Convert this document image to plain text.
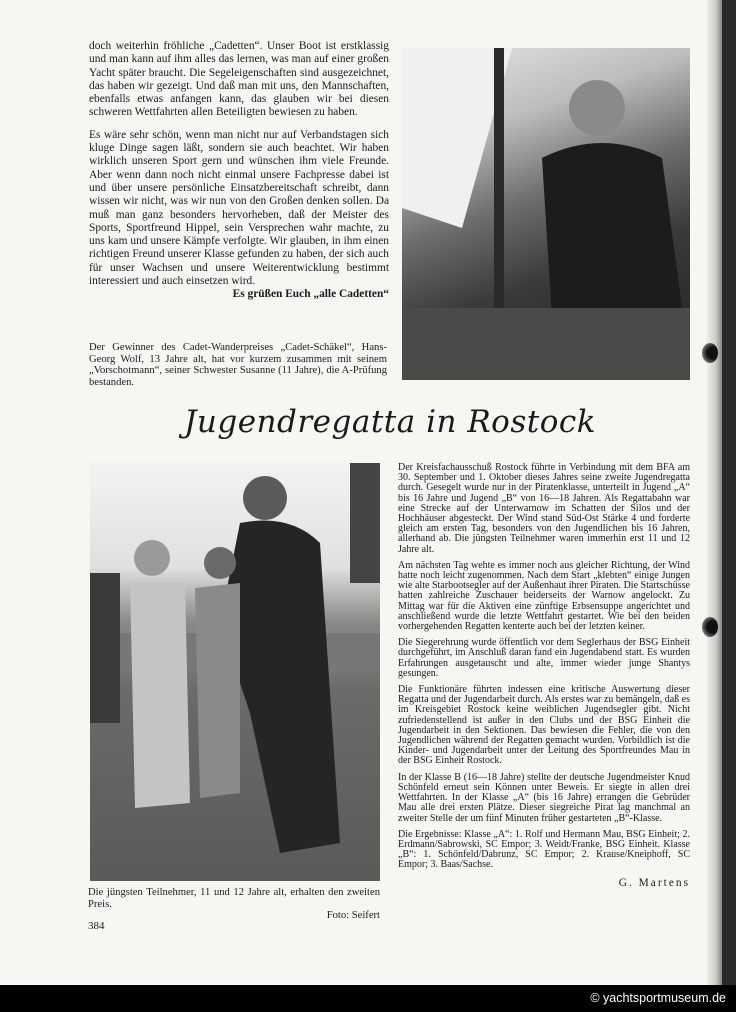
doch weiterhin fröhliche „Cadetten“. Unser Boot ist erstklassig und man kann auf ihm alles das lernen, was man auf einer großen Yacht später braucht. Die Segeleigenschaften sind ausgezeichnet, das haben wir gezeigt. Und daß man mit uns, den Mannschaften, ebenfalls etwas anfangen kann, das glauben wir bei diesen schweren Wettfahrten allen Beteiligten bewiesen zu haben.

Es wäre sehr schön, wenn man nicht nur auf Verbandstagen sich kluge Dinge sagen läßt, sondern sie auch beachtet. Wir haben wirklich unseren Sport gern und wünschen ihm viele Freunde. Aber wenn dann noch nicht einmal unsere Fachpresse dabei ist und über unsere persönliche Einsatzbereitschaft schreibt, dann wissen wir nicht, was wir nun von den Großen denken sollen. Da muß man ganz besonders hervorheben, daß der Meister des Sports, Sportfreund Hippel, sein Versprechen wahr machte, zu uns kam und unsere Kämpfe verfolgte. Wir glauben, in ihm einen richtigen Freund unserer Klasse gefunden zu haben, der sich auch für unser Wachsen und unsere Weiterentwicklung bestimmt interessiert und auch einsetzen wird.

Es grüßen Euch „alle Cadetten“
Der Gewinner des Cadet-Wanderpreises „Cadet-Schäkel“, Hans-Georg Wolf, 13 Jahre alt, hat vor kurzem zusammen mit seinem „Vorschotmann“, seiner Schwester Susanne (11 Jahre), die A-Prüfung bestanden.
Jugendregatta in Rostock

Der Kreisfachausschuß Rostock führte in Verbindung mit dem BFA am 30. September und 1. Oktober dieses Jahres seine zweite Jugendregatta durch. Gesegelt wurde nur in der Piratenklasse, unterteilt in Jugend „A“ bis 16 Jahre und Jugend „B“ von 16—18 Jahren. Als Regattabahn war eine Strecke auf der Unterwarnow im Schatten der Silos und der Hochhäuser abgesteckt. Der Wind stand Süd-Ost Stärke 4 und forderte gleich am ersten Tag, besonders von den Jugendlichen bis 16 Jahren, allerhand ab. Die jüngsten Teilnehmer waren immerhin erst 11 und 12 Jahre alt.

Am nächsten Tag wehte es immer noch aus gleicher Richtung, der Wind hatte noch leicht zugenommen. Nach dem Start „klebten“ einige Jungen wie alte Starbootsegler auf der Außenhaut ihrer Piraten. Die Startschüsse hatten zahlreiche Zuschauer beiderseits der Warnow angelockt. Zu Mittag war für die Aktiven eine zünftige Erbsensuppe angerichtet und anschließend wurde die letzte Wettfahrt gestartet. Wie bei den beiden vorhergehenden Regatten kenterte auch bei der letzten keiner.

Die Siegerehrung wurde öffentlich vor dem Seglerhaus der BSG Einheit durchgeführt, im Anschluß daran fand ein Jugendabend statt. Es wurden Erfahrungen ausgetauscht und alte, immer wieder junge Shantys gesungen.

Die Funktionäre führten indessen eine kritische Auswertung dieser Regatta und der Jugendarbeit durch. Als erstes war zu bemängeln, daß es im Kreisgebiet Rostock keine weiblichen Jugendsegler gibt. Nicht zufriedenstellend ist außer in den Clubs und der BSG Einheit die Jugendarbeit in den Sektionen. Das bewiesen die Fehler, die von den Jugendlichen während der Regatten gemacht wurden. Vorbildlich ist die Kinder- und Jugendarbeit unter der Leitung des Sportfreundes Mau in der BSG Einheit Rostock.

In der Klasse B (16—18 Jahre) stellte der deutsche Jugendmeister Knud Schönfeld erneut sein Können unter Beweis. Er siegte in allen drei Wettfahrten. In der Klasse „A“ (bis 16 Jahre) errangen die Gebrüder Mau alle drei ersten Plätze. Dieser siegreiche Pirat lag manchmal an zweiter Stelle der um fünf Minuten früher gestarteten „B“-Klasse.

Die Ergebnisse: Klasse „A“: 1. Rolf und Hermann Mau, BSG Einheit; 2. Erdmann/Sabrowski, SC Empor; 3. Weidt/Franke, BSG Einheit. Klasse „B“: 1. Schönfeld/Dabrunz, SC Empor; 2. Krause/Kneiphoff, SC Empor; 3. Baas/Sachse.

G. Martens
Die jüngsten Teilnehmer, 11 und 12 Jahre alt, erhalten den zweiten Preis.
Foto: Seifert
384
© yachtsportmuseum.de
